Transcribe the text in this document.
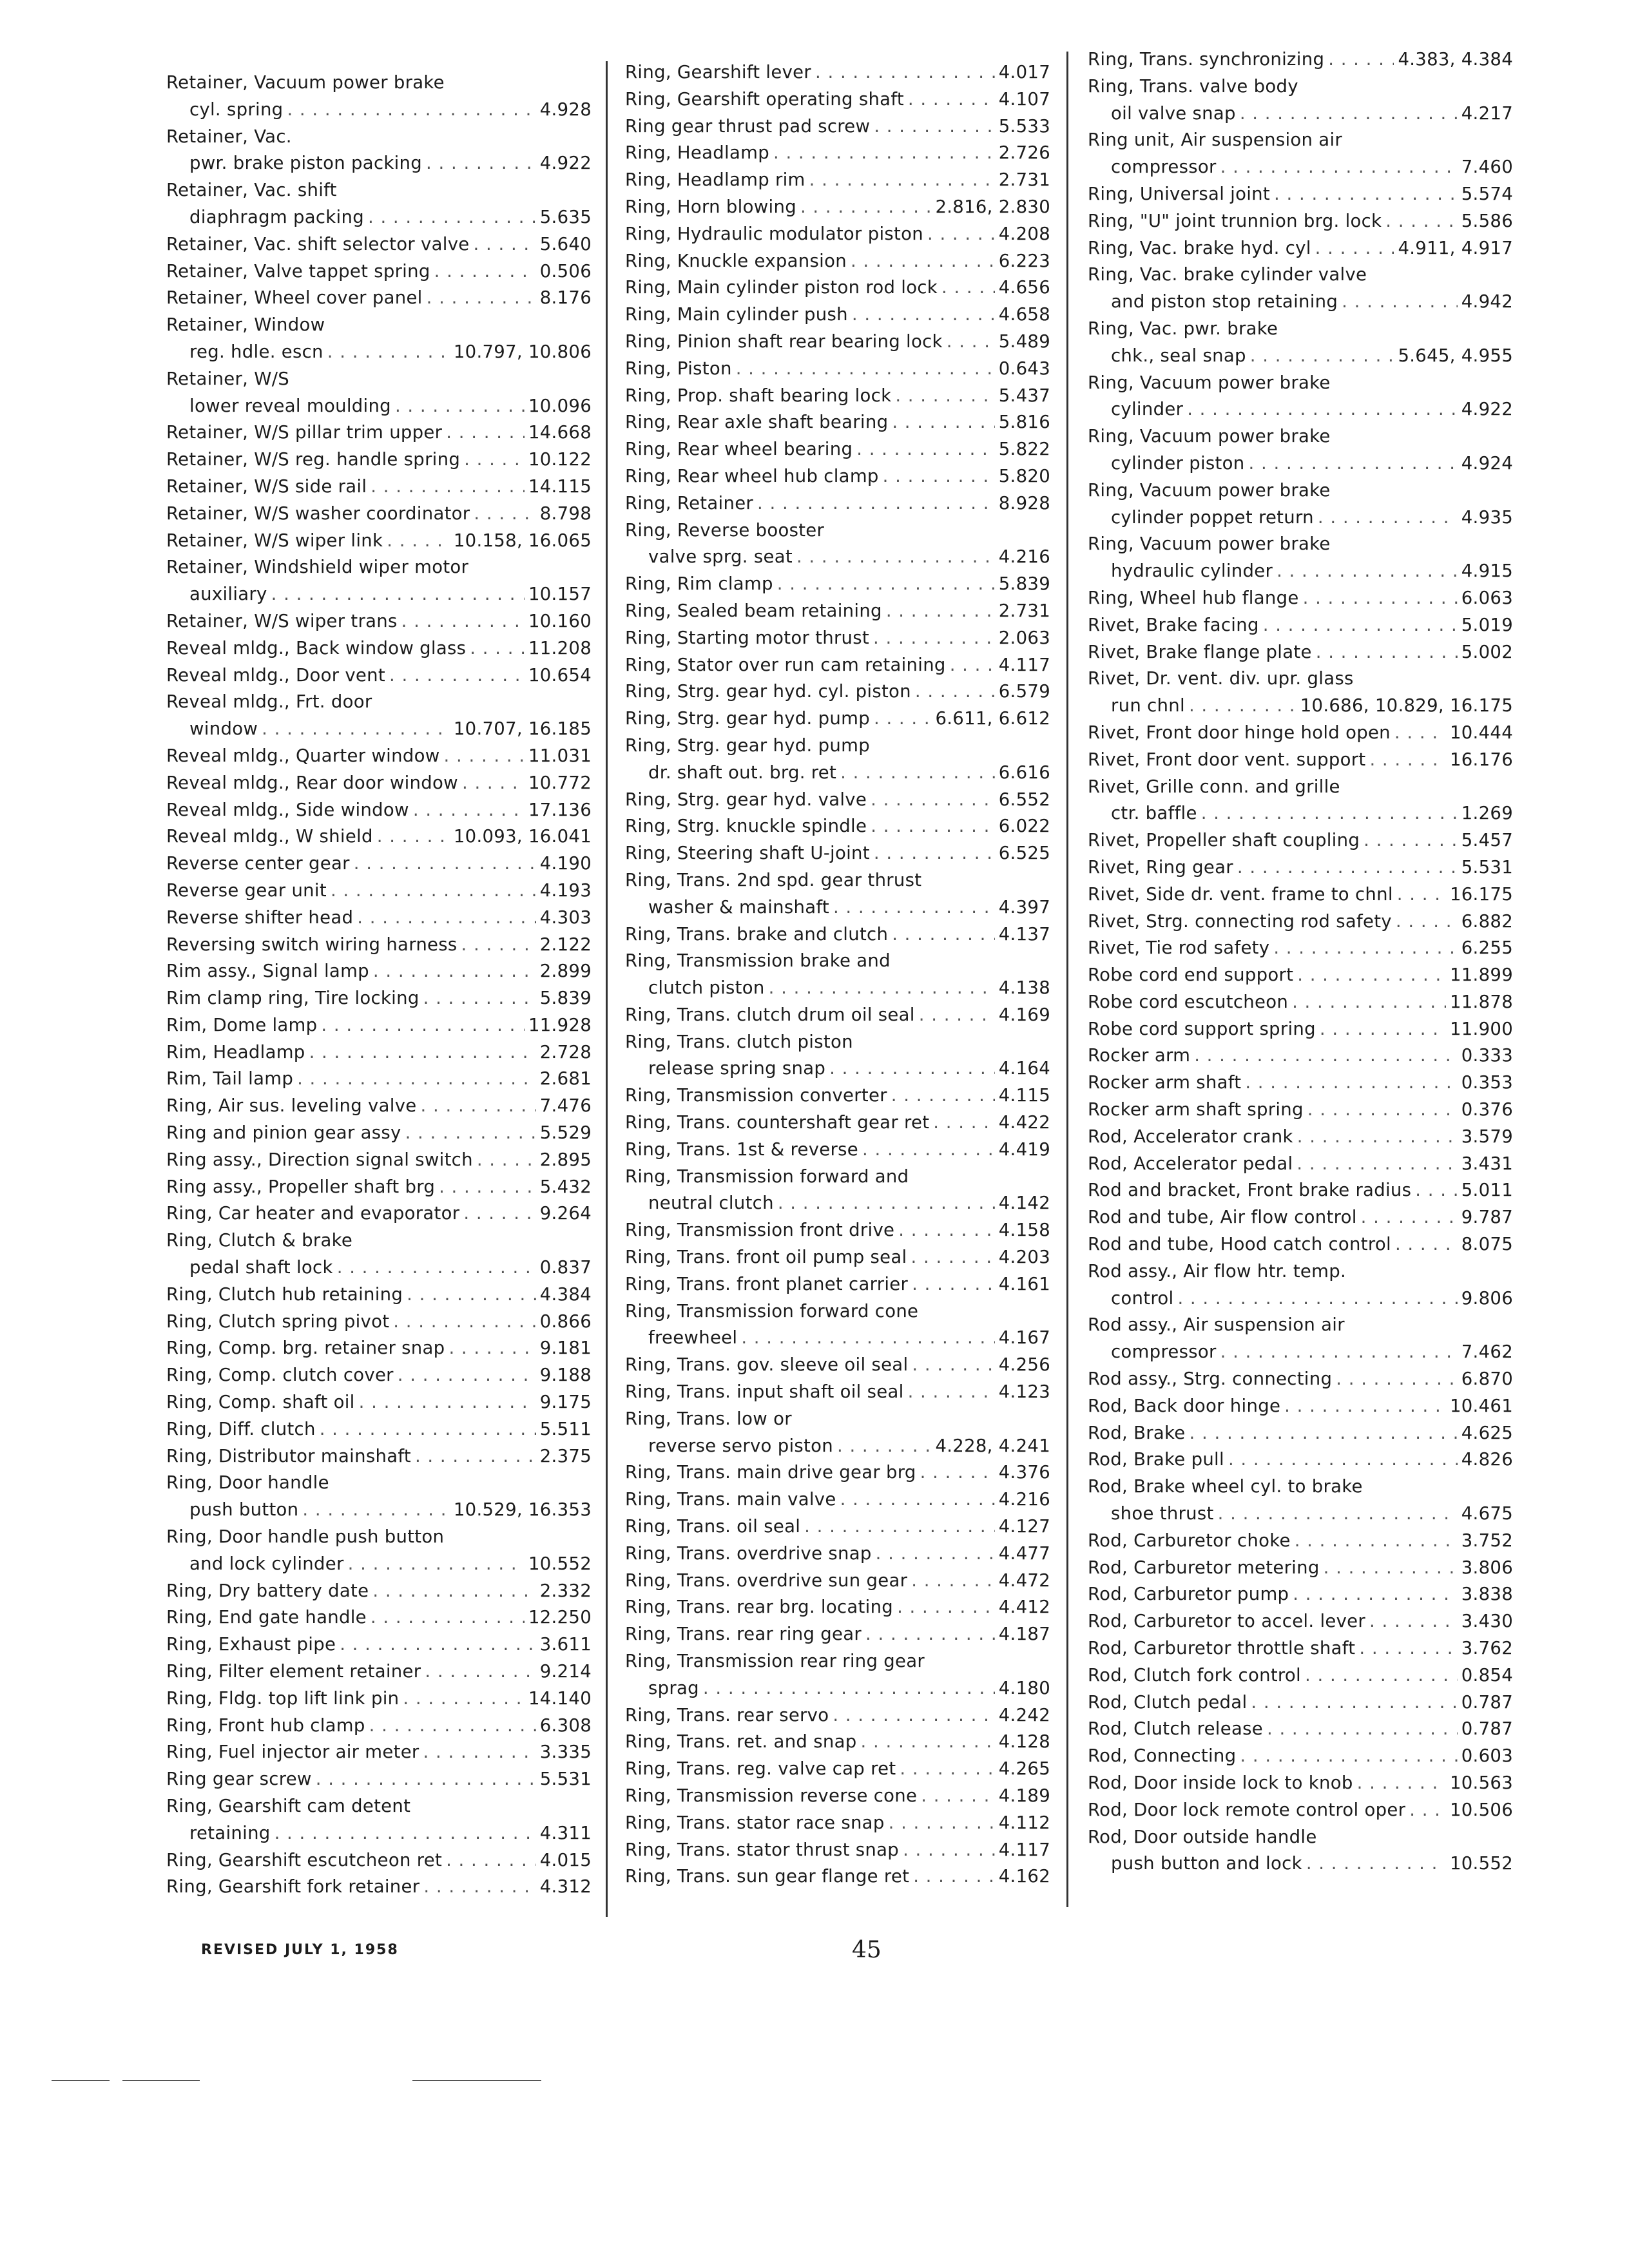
Retainer, Vacuum power brake
cyl. spring . . .	4.928
Retainer, Vac.
pwr. brake piston packing . . .	4.922
Retainer, Vac. shift
diaphragm packing . . .	5.635
Retainer, Vac. shift selector valve . . .	5.640
Retainer, Valve tappet spring . . .	0.506
Retainer, Wheel cover panel . . .	8.176
Retainer, Window
reg. hdle. escn . . .	10.797, 10.806
Retainer, W/S
lower reveal moulding . . .	10.096
Retainer, W/S pillar trim upper . . .	14.668
Retainer, W/S reg. handle spring . . .	10.122
Retainer, W/S side rail . . .	14.115
Retainer, W/S washer coordinator . . .	8.798
Retainer, W/S wiper link . . .	10.158, 16.065
Retainer, Windshield wiper motor
auxiliary . . .	10.157
Retainer, W/S wiper trans . . .	10.160
Reveal mldg., Back window glass . . .	11.208
Reveal mldg., Door vent . . .	10.654
Reveal mldg., Frt. door
window . . .	10.707, 16.185
Reveal mldg., Quarter window . . .	11.031
Reveal mldg., Rear door window . . .	10.772
Reveal mldg., Side window . . .	17.136
Reveal mldg., W shield . . .	10.093, 16.041
Reverse center gear . . .	4.190
Reverse gear unit . . .	4.193
Reverse shifter head . . .	4.303
Reversing switch wiring harness . . .	2.122
Rim assy., Signal lamp . . .	2.899
Rim clamp ring, Tire locking . . .	5.839
Rim, Dome lamp . . .	11.928
Rim, Headlamp . . .	2.728
Rim, Tail lamp . . .	2.681
Ring, Air sus. leveling valve . . .	7.476
Ring and pinion gear assy . . .	5.529
Ring assy., Direction signal switch . . .	2.895
Ring assy., Propeller shaft brg . . .	5.432
Ring, Car heater and evaporator . . .	9.264
Ring, Clutch & brake
pedal shaft lock . . .	0.837
Ring, Clutch hub retaining . . .	4.384
Ring, Clutch spring pivot . . .	0.866
Ring, Comp. brg. retainer snap . . .	9.181
Ring, Comp. clutch cover . . .	9.188
Ring, Comp. shaft oil . . .	9.175
Ring, Diff. clutch . . .	5.511
Ring, Distributor mainshaft . . .	2.375
Ring, Door handle
push button . . .	10.529, 16.353
Ring, Door handle push button
and lock cylinder . . .	10.552
Ring, Dry battery date . . .	2.332
Ring, End gate handle . . .	12.250
Ring, Exhaust pipe . . .	3.611
Ring, Filter element retainer . . .	9.214
Ring, Fldg. top lift link pin . . .	14.140
Ring, Front hub clamp . . .	6.308
Ring, Fuel injector air meter . . .	3.335
Ring gear screw . . .	5.531
Ring, Gearshift cam detent
retaining . . .	4.311
Ring, Gearshift escutcheon ret . . .	4.015
Ring, Gearshift fork retainer . . .	4.312
Ring, Gearshift lever . . .	4.017
Ring, Gearshift operating shaft . . .	4.107
Ring gear thrust pad screw . . .	5.533
Ring, Headlamp . . .	2.726
Ring, Headlamp rim . . .	2.731
Ring, Horn blowing . . .	2.816, 2.830
Ring, Hydraulic modulator piston . . .	4.208
Ring, Knuckle expansion . . .	6.223
Ring, Main cylinder piston rod lock . . .	4.656
Ring, Main cylinder push . . .	4.658
Ring, Pinion shaft rear bearing lock . . .	5.489
Ring, Piston . . .	0.643
Ring, Prop. shaft bearing lock . . .	5.437
Ring, Rear axle shaft bearing . . .	5.816
Ring, Rear wheel bearing . . .	5.822
Ring, Rear wheel hub clamp . . .	5.820
Ring, Retainer . . .	8.928
Ring, Reverse booster
valve sprg. seat . . .	4.216
Ring, Rim clamp . . .	5.839
Ring, Sealed beam retaining . . .	2.731
Ring, Starting motor thrust . . .	2.063
Ring, Stator over run cam retaining . . .	4.117
Ring, Strg. gear hyd. cyl. piston . . .	6.579
Ring, Strg. gear hyd. pump . . .	6.611, 6.612
Ring, Strg. gear hyd. pump
dr. shaft out. brg. ret . . .	6.616
Ring, Strg. gear hyd. valve . . .	6.552
Ring, Strg. knuckle spindle . . .	6.022
Ring, Steering shaft U-joint . . .	6.525
Ring, Trans. 2nd spd. gear thrust
washer & mainshaft . . .	4.397
Ring, Trans. brake and clutch . . .	4.137
Ring, Transmission brake and
clutch piston . . .	4.138
Ring, Trans. clutch drum oil seal . . .	4.169
Ring, Trans. clutch piston
release spring snap . . .	4.164
Ring, Transmission converter . . .	4.115
Ring, Trans. countershaft gear ret . . .	4.422
Ring, Trans. 1st & reverse . . .	4.419
Ring, Transmission forward and
neutral clutch . . .	4.142
Ring, Transmission front drive . . .	4.158
Ring, Trans. front oil pump seal . . .	4.203
Ring, Trans. front planet carrier . . .	4.161
Ring, Transmission forward cone
freewheel . . .	4.167
Ring, Trans. gov. sleeve oil seal . . .	4.256
Ring, Trans. input shaft oil seal . . .	4.123
Ring, Trans. low or
reverse servo piston . . .	4.228, 4.241
Ring, Trans. main drive gear brg . . .	4.376
Ring, Trans. main valve . . .	4.216
Ring, Trans. oil seal . . .	4.127
Ring, Trans. overdrive snap . . .	4.477
Ring, Trans. overdrive sun gear . . .	4.472
Ring, Trans. rear brg. locating . . .	4.412
Ring, Trans. rear ring gear . . .	4.187
Ring, Transmission rear ring gear
sprag . . .	4.180
Ring, Trans. rear servo . . .	4.242
Ring, Trans. ret. and snap . . .	4.128
Ring, Trans. reg. valve cap ret . . .	4.265
Ring, Transmission reverse cone . . .	4.189
Ring, Trans. stator race snap . . .	4.112
Ring, Trans. stator thrust snap . . .	4.117
Ring, Trans. sun gear flange ret . . .	4.162
Ring, Trans. synchronizing . . .	4.383, 4.384
Ring, Trans. valve body
oil valve snap . . .	4.217
Ring unit, Air suspension air
compressor . . .	7.460
Ring, Universal joint . . .	5.574
Ring, "U" joint trunnion brg. lock . . .	5.586
Ring, Vac. brake hyd. cyl . . .	4.911, 4.917
Ring, Vac. brake cylinder valve
and piston stop retaining . . .	4.942
Ring, Vac. pwr. brake
chk., seal snap . . .	5.645, 4.955
Ring, Vacuum power brake
cylinder . . .	4.922
Ring, Vacuum power brake
cylinder piston . . .	4.924
Ring, Vacuum power brake
cylinder poppet return . . .	4.935
Ring, Vacuum power brake
hydraulic cylinder . . .	4.915
Ring, Wheel hub flange . . .	6.063
Rivet, Brake facing . . .	5.019
Rivet, Brake flange plate . . .	5.002
Rivet, Dr. vent. div. upr. glass
run chnl . . .	10.686, 10.829, 16.175
Rivet, Front door hinge hold open . . .	10.444
Rivet, Front door vent. support . . .	16.176
Rivet, Grille conn. and grille
ctr. baffle . . .	1.269
Rivet, Propeller shaft coupling . . .	5.457
Rivet, Ring gear . . .	5.531
Rivet, Side dr. vent. frame to chnl . . .	16.175
Rivet, Strg. connecting rod safety . . .	6.882
Rivet, Tie rod safety . . .	6.255
Robe cord end support . . .	11.899
Robe cord escutcheon . . .	11.878
Robe cord support spring . . .	11.900
Rocker arm . . .	0.333
Rocker arm shaft . . .	0.353
Rocker arm shaft spring . . .	0.376
Rod, Accelerator crank . . .	3.579
Rod, Accelerator pedal . . .	3.431
Rod and bracket, Front brake radius . . .	5.011
Rod and tube, Air flow control . . .	9.787
Rod and tube, Hood catch control . . .	8.075
Rod assy., Air flow htr. temp.
control . . .	9.806
Rod assy., Air suspension air
compressor . . .	7.462
Rod assy., Strg. connecting . . .	6.870
Rod, Back door hinge . . .	10.461
Rod, Brake . . .	4.625
Rod, Brake pull . . .	4.826
Rod, Brake wheel cyl. to brake
shoe thrust . . .	4.675
Rod, Carburetor choke . . .	3.752
Rod, Carburetor metering . . .	3.806
Rod, Carburetor pump . . .	3.838
Rod, Carburetor to accel. lever . . .	3.430
Rod, Carburetor throttle shaft . . .	3.762
Rod, Clutch fork control . . .	0.854
Rod, Clutch pedal . . .	0.787
Rod, Clutch release . . .	0.787
Rod, Connecting . . .	0.603
Rod, Door inside lock to knob . . .	10.563
Rod, Door lock remote control oper . . .	10.506
Rod, Door outside handle
push button and lock . . .	10.552
REVISED JULY 1, 1958	45
